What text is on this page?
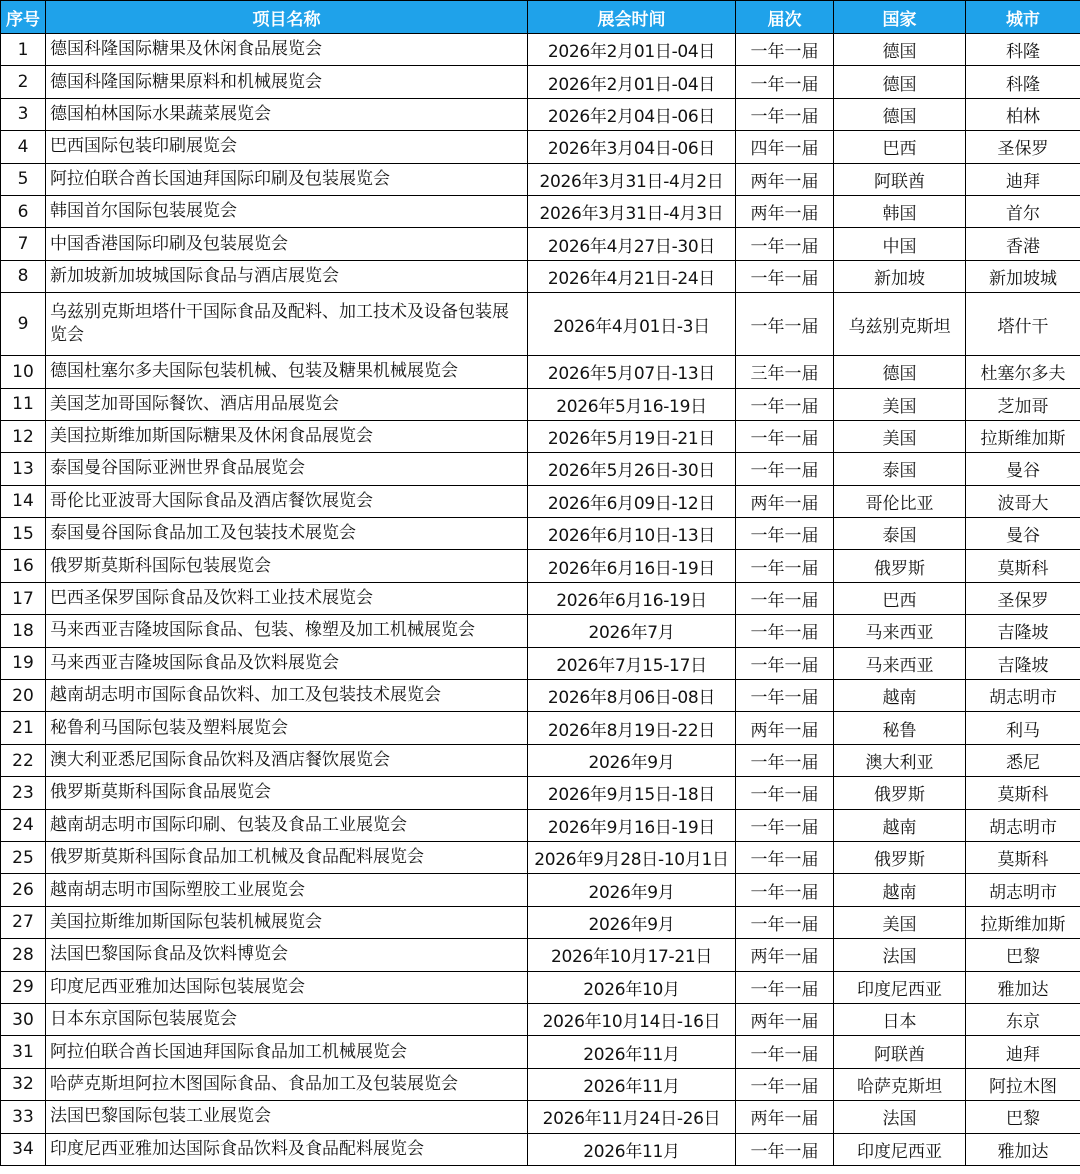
序号	项目名称	展会时间	届次	国家	城市
1	德国科隆国际糖果及休闲食品展览会	2026年2月01日-04日	一年一届	德国	科隆
2	德国科隆国际糖果原料和机械展览会	2026年2月01日-04日	一年一届	德国	科隆
3	德国柏林国际水果蔬菜展览会	2026年2月04日-06日	一年一届	德国	柏林
4	巴西国际包装印刷展览会	2026年3月04日-06日	四年一届	巴西	圣保罗
5	阿拉伯联合酋长国迪拜国际印刷及包装展览会	2026年3月31日-4月2日	两年一届	阿联酋	迪拜
6	韩国首尔国际包装展览会	2026年3月31日-4月3日	两年一届	韩国	首尔
7	中国香港国际印刷及包装展览会	2026年4月27日-30日	一年一届	中国	香港
8	新加坡新加坡城国际食品与酒店展览会	2026年4月21日-24日	一年一届	新加坡	新加坡城
9	乌兹别克斯坦塔什干国际食品及配料、加工技术及设备包装展览会	2026年4月01日-3日	一年一届	乌兹别克斯坦	塔什干
10	德国杜塞尔多夫国际包装机械、包装及糖果机械展览会	2026年5月07日-13日	三年一届	德国	杜塞尔多夫
11	美国芝加哥国际餐饮、酒店用品展览会	2026年5月16-19日	一年一届	美国	芝加哥
12	美国拉斯维加斯国际糖果及休闲食品展览会	2026年5月19日-21日	一年一届	美国	拉斯维加斯
13	泰国曼谷国际亚洲世界食品展览会	2026年5月26日-30日	一年一届	泰国	曼谷
14	哥伦比亚波哥大国际食品及酒店餐饮展览会	2026年6月09日-12日	两年一届	哥伦比亚	波哥大
15	泰国曼谷国际食品加工及包装技术展览会	2026年6月10日-13日	一年一届	泰国	曼谷
16	俄罗斯莫斯科国际包装展览会	2026年6月16日-19日	一年一届	俄罗斯	莫斯科
17	巴西圣保罗国际食品及饮料工业技术展览会	2026年6月16-19日	一年一届	巴西	圣保罗
18	马来西亚吉隆坡国际食品、包装、橡塑及加工机械展览会	2026年7月	一年一届	马来西亚	吉隆坡
19	马来西亚吉隆坡国际食品及饮料展览会	2026年7月15-17日	一年一届	马来西亚	吉隆坡
20	越南胡志明市国际食品饮料、加工及包装技术展览会	2026年8月06日-08日	一年一届	越南	胡志明市
21	秘鲁利马国际包装及塑料展览会	2026年8月19日-22日	两年一届	秘鲁	利马
22	澳大利亚悉尼国际食品饮料及酒店餐饮展览会	2026年9月	一年一届	澳大利亚	悉尼
23	俄罗斯莫斯科国际食品展览会	2026年9月15日-18日	一年一届	俄罗斯	莫斯科
24	越南胡志明市国际印刷、包装及食品工业展览会	2026年9月16日-19日	一年一届	越南	胡志明市
25	俄罗斯莫斯科国际食品加工机械及食品配料展览会	2026年9月28日-10月1日	一年一届	俄罗斯	莫斯科
26	越南胡志明市国际塑胶工业展览会	2026年9月	一年一届	越南	胡志明市
27	美国拉斯维加斯国际包装机械展览会	2026年9月	一年一届	美国	拉斯维加斯
28	法国巴黎国际食品及饮料博览会	2026年10月17-21日	两年一届	法国	巴黎
29	印度尼西亚雅加达国际包装展览会	2026年10月	一年一届	印度尼西亚	雅加达
30	日本东京国际包装展览会	2026年10月14日-16日	两年一届	日本	东京
31	阿拉伯联合酋长国迪拜国际食品加工机械展览会	2026年11月	一年一届	阿联酋	迪拜
32	哈萨克斯坦阿拉木图国际食品、食品加工及包装展览会	2026年11月	一年一届	哈萨克斯坦	阿拉木图
33	法国巴黎国际包装工业展览会	2026年11月24日-26日	两年一届	法国	巴黎
34	印度尼西亚雅加达国际食品饮料及食品配料展览会	2026年11月	一年一届	印度尼西亚	雅加达
